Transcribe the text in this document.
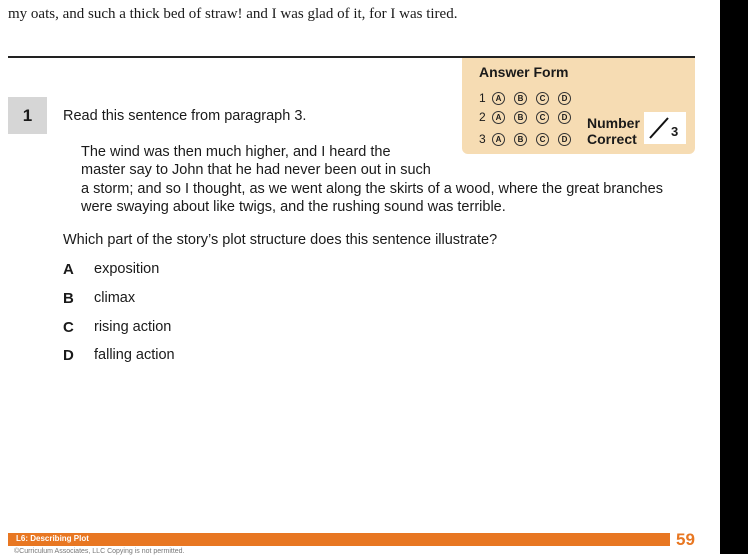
my oats, and such a thick bed of straw! and I was glad of it, for I was tired.
Answer Form
1	A	B	C	D
2	A	B	C	D
3	A	B	C	D
Number
Correct	3
1	Read this sentence from paragraph 3.
The wind was then much higher, and I heard the
master say to John that he had never been out in such
a storm; and so I thought, as we went along the skirts of a wood, where the great branches
were swaying about like twigs, and the rushing sound was terrible.
Which part of the story’s plot structure does this sentence illustrate?
A	exposition
B	climax
C	rising action
D	falling action
L6: Describing Plot	59
©Curriculum Associates, LLC Copying is not permitted.
